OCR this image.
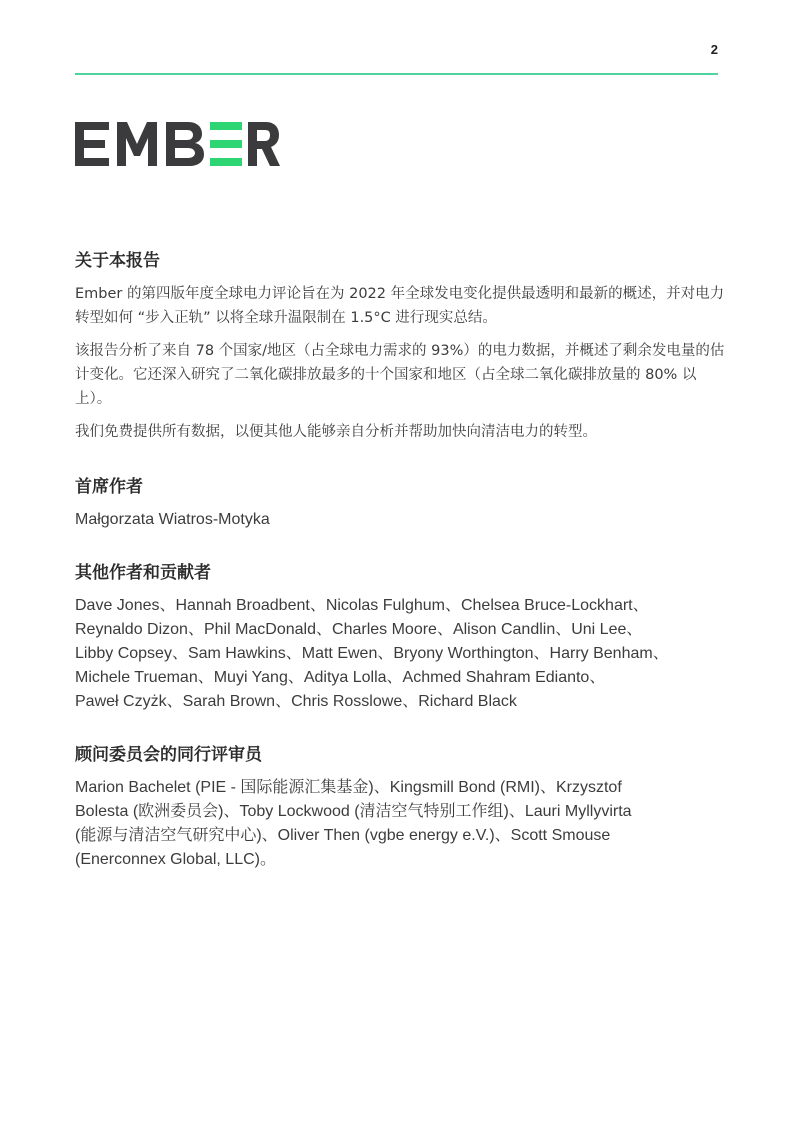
2
关于本报告

Ember 的第四版年度全球电力评论旨在为 2022 年全球发电变化提供最透明和最新的概述，并对电力转型如何 “步入正轨” 以将全球升温限制在 1.5°C 进行现实总结。

该报告分析了来自 78 个国家/地区（占全球电力需求的 93%）的电力数据，并概述了剩余发电量的估计变化。它还深入研究了二氧化碳排放最多的十个国家和地区（占全球二氧化碳排放量的 80% 以上）。

我们免费提供所有数据，以便其他人能够亲自分析并帮助加快向清洁电力的转型。

首席作者

Małgorzata Wiatros-Motyka

其他作者和贡献者
Dave Jones、Hannah Broadbent、Nicolas Fulghum、Chelsea Bruce-Lockhart、
Reynaldo Dizon、Phil MacDonald、Charles Moore、Alison Candlin、Uni Lee、
Libby Copsey、Sam Hawkins、Matt Ewen、Bryony Worthington、Harry Benham、
Michele Trueman、Muyi Yang、Aditya Lolla、Achmed Shahram Edianto、
Paweł Czyżk、Sarah Brown、Chris Rosslowe、Richard Black
顾问委员会的同行评审员
Marion Bachelet (PIE - 国际能源汇集基金)、Kingsmill Bond (RMI)、Krzysztof
Bolesta (欧洲委员会)、Toby Lockwood (清洁空气特别工作组)、Lauri Myllyvirta
(能源与清洁空气研究中心)、Oliver Then (vgbe energy e.V.)、Scott Smouse
(Enerconnex Global, LLC)。
